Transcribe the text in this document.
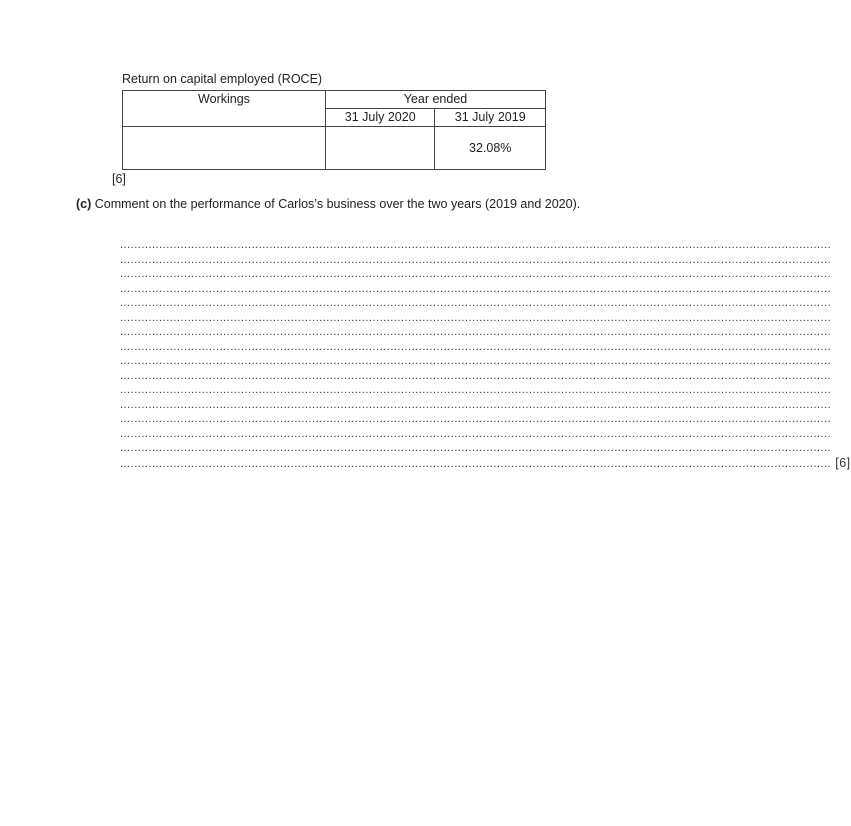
Return on capital employed (ROCE)
Workings	Year ended	
	31 July 2020	31 July 2019
		32.08%
[6]
(c) Comment on the performance of Carlos’s business over the two years (2019 and 2020).
........................................................................................................................................................................................................
........................................................................................................................................................................................................
........................................................................................................................................................................................................
........................................................................................................................................................................................................
........................................................................................................................................................................................................
........................................................................................................................................................................................................
........................................................................................................................................................................................................
........................................................................................................................................................................................................
........................................................................................................................................................................................................
........................................................................................................................................................................................................
........................................................................................................................................................................................................
........................................................................................................................................................................................................
........................................................................................................................................................................................................
........................................................................................................................................................................................................
........................................................................................................................................................................................................
........................................................................................................................................................................................................ [6]
